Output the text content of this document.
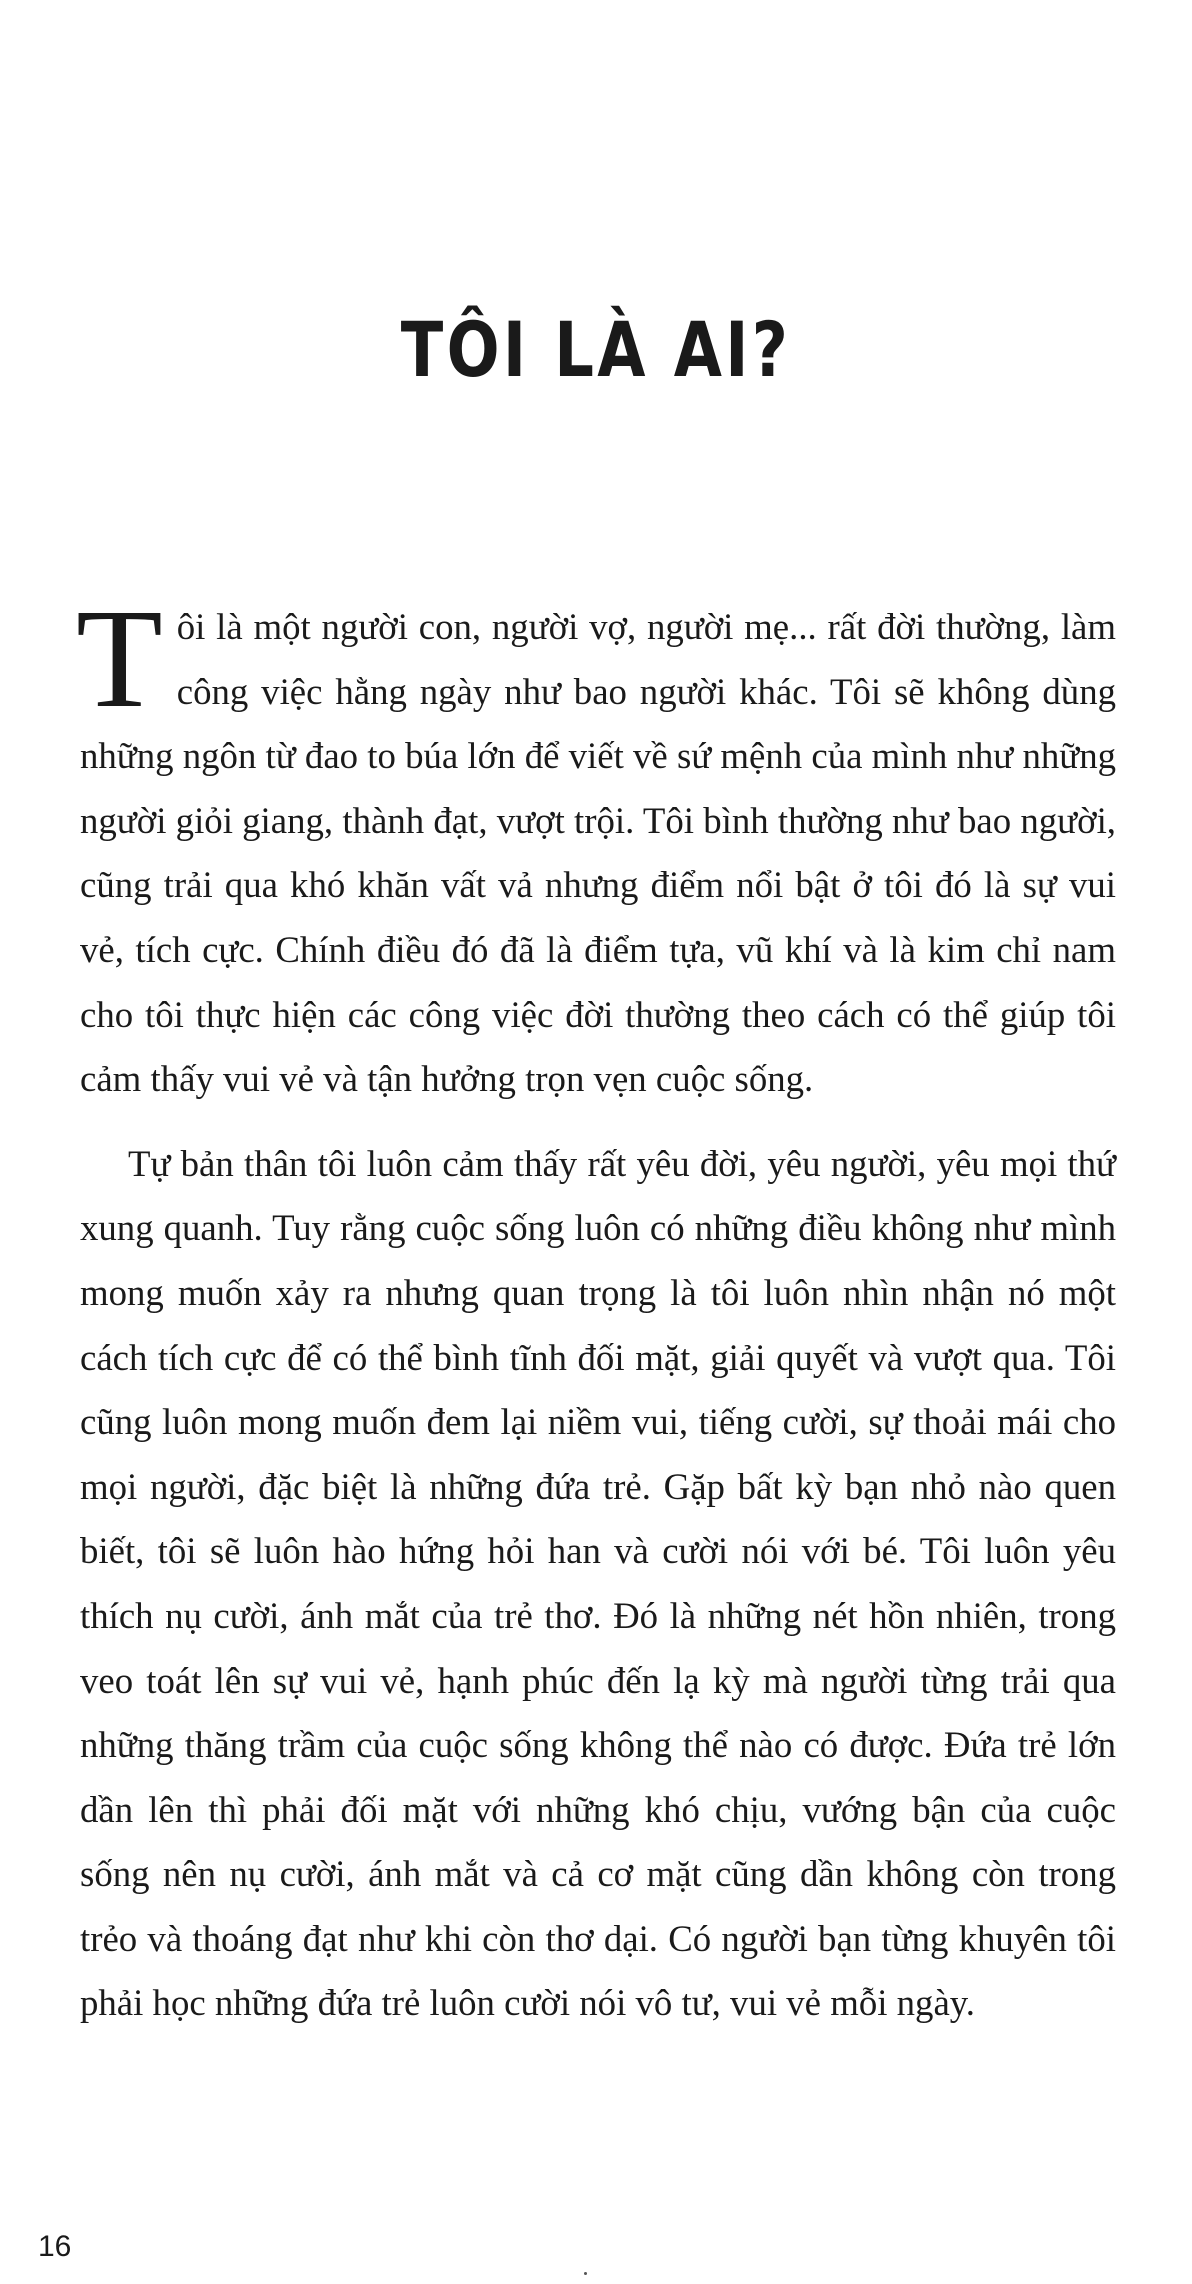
TÔI LÀ AI?

Tôi là một người con, người vợ, người mẹ... rất đời thường, làm công việc hằng ngày như bao người khác. Tôi sẽ không dùng những ngôn từ đao to búa lớn để viết về sứ mệnh của mình như những người giỏi giang, thành đạt, vượt trội. Tôi bình thường như bao người, cũng trải qua khó khăn vất vả nhưng điểm nổi bật ở tôi đó là sự vui vẻ, tích cực. Chính điều đó đã là điểm tựa, vũ khí và là kim chỉ nam cho tôi thực hiện các công việc đời thường theo cách có thể giúp tôi cảm thấy vui vẻ và tận hưởng trọn vẹn cuộc sống.

Tự bản thân tôi luôn cảm thấy rất yêu đời, yêu người, yêu mọi thứ xung quanh. Tuy rằng cuộc sống luôn có những điều không như mình mong muốn xảy ra nhưng quan trọng là tôi luôn nhìn nhận nó một cách tích cực để có thể bình tĩnh đối mặt, giải quyết và vượt qua. Tôi cũng luôn mong muốn đem lại niềm vui, tiếng cười, sự thoải mái cho mọi người, đặc biệt là những đứa trẻ. Gặp bất kỳ bạn nhỏ nào quen biết, tôi sẽ luôn hào hứng hỏi han và cười nói với bé. Tôi luôn yêu thích nụ cười, ánh mắt của trẻ thơ. Đó là những nét hồn nhiên, trong veo toát lên sự vui vẻ, hạnh phúc đến lạ kỳ mà người từng trải qua những thăng trầm của cuộc sống không thể nào có được. Đứa trẻ lớn dần lên thì phải đối mặt với những khó chịu, vướng bận của cuộc sống nên nụ cười, ánh mắt và cả cơ mặt cũng dần không còn trong trẻo và thoáng đạt như khi còn thơ dại. Có người bạn từng khuyên tôi phải học những đứa trẻ luôn cười nói vô tư, vui vẻ mỗi ngày.

16
